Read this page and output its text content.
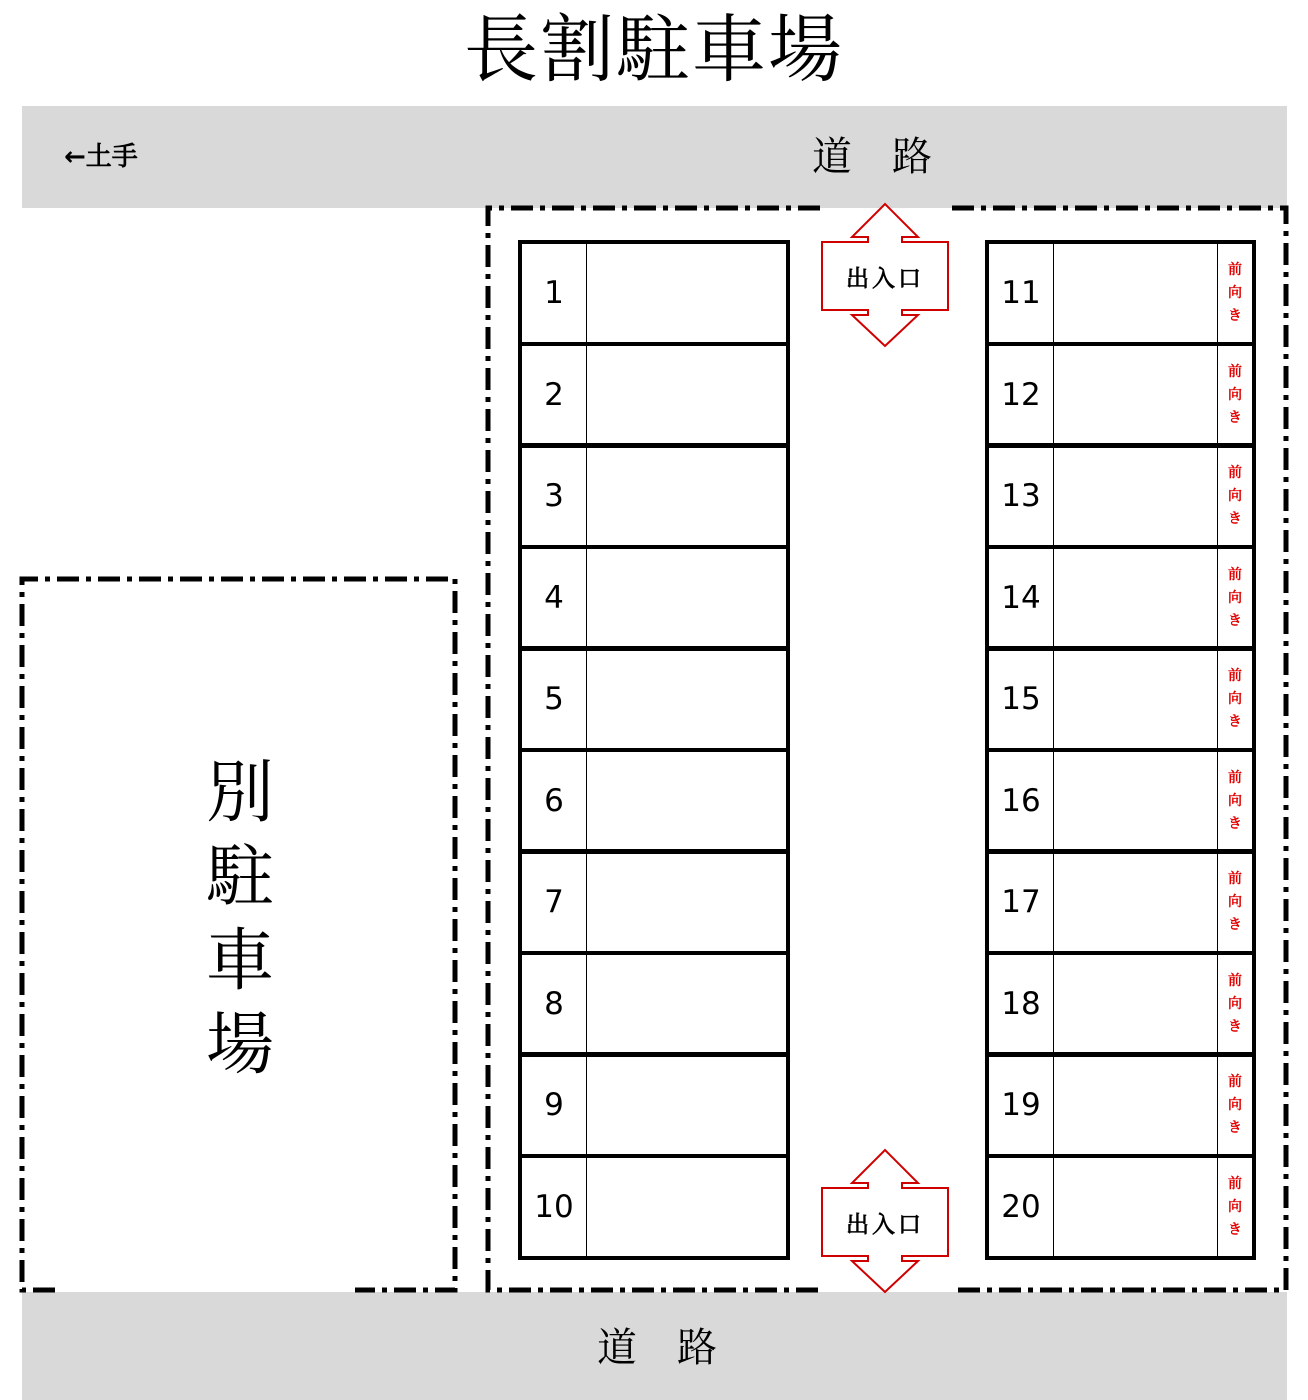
長割駐車場
道　路
←土手
道　路
別
駐
車
場
1
2
3
4
5
6
7
8
9
10
11
前
向
き
12
前
向
き
13
前
向
き
14
前
向
き
15
前
向
き
16
前
向
き
17
前
向
き
18
前
向
き
19
前
向
き
20
前
向
き
出入口
出入口
